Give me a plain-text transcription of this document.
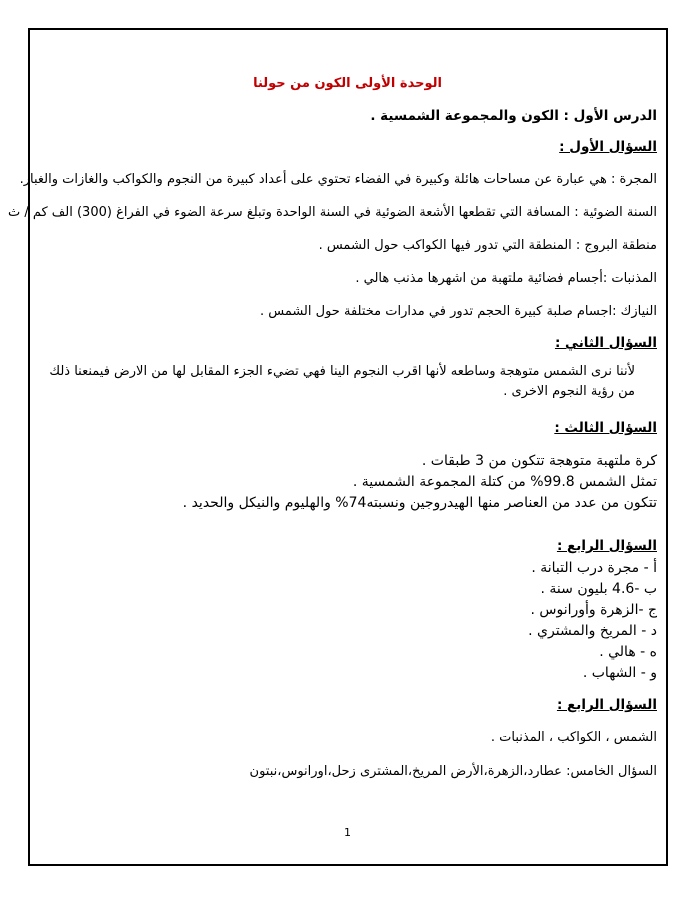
الوحدة الأولى الكون من حولنا
الدرس الأول : الكون والمجموعة الشمسية .
السؤال الأول :
المجرة : هي عبارة عن مساحات هائلة وكبيرة في الفضاء تحتوي على أعداد كبيرة من النجوم والكواكب والغازات والغبار.
السنة الضوئية : المسافة التي تقطعها الأشعة الضوئية في السنة الواحدة وتبلغ سرعة الضوء في الفراغ (300) الف كم / ث
منطقة البروج : المنطقة التي تدور فيها الكواكب حول الشمس .
المذنبات :أجسام فضائية ملتهبة من اشهرها مذنب هالي .
النيازك :اجسام صلبة كبيرة الحجم تدور في مدارات مختلفة حول الشمس .
السؤال الثاني :
لأننا نرى الشمس متوهجة وساطعه لأنها اقرب النجوم الينا فهي تضيء الجزء المقابل لها من الارض فيمنعنا ذلك من رؤية النجوم الاخرى .
السؤال الثالث :
كرة ملتهبة متوهجة تتكون من 3 طبقات .
تمثل الشمس 99.8% من كتلة المجموعة الشمسية .
تتكون من عدد من العناصر منها الهيدروجين ونسبته74% والهليوم والنيكل والحديد .
السؤال الرابع :
أ - مجرة درب التبانة .
ب -4.6 بليون سنة .
ج -الزهرة وأورانوس .
د - المريخ والمشتري .
ه - هالي .
و - الشهاب .
السؤال الرابع :
الشمس ، الكواكب ، المذنبات .
السؤال الخامس: عطارد،الزهرة،الأرض المريخ،المشترى زحل،اورانوس،نبتون
1
